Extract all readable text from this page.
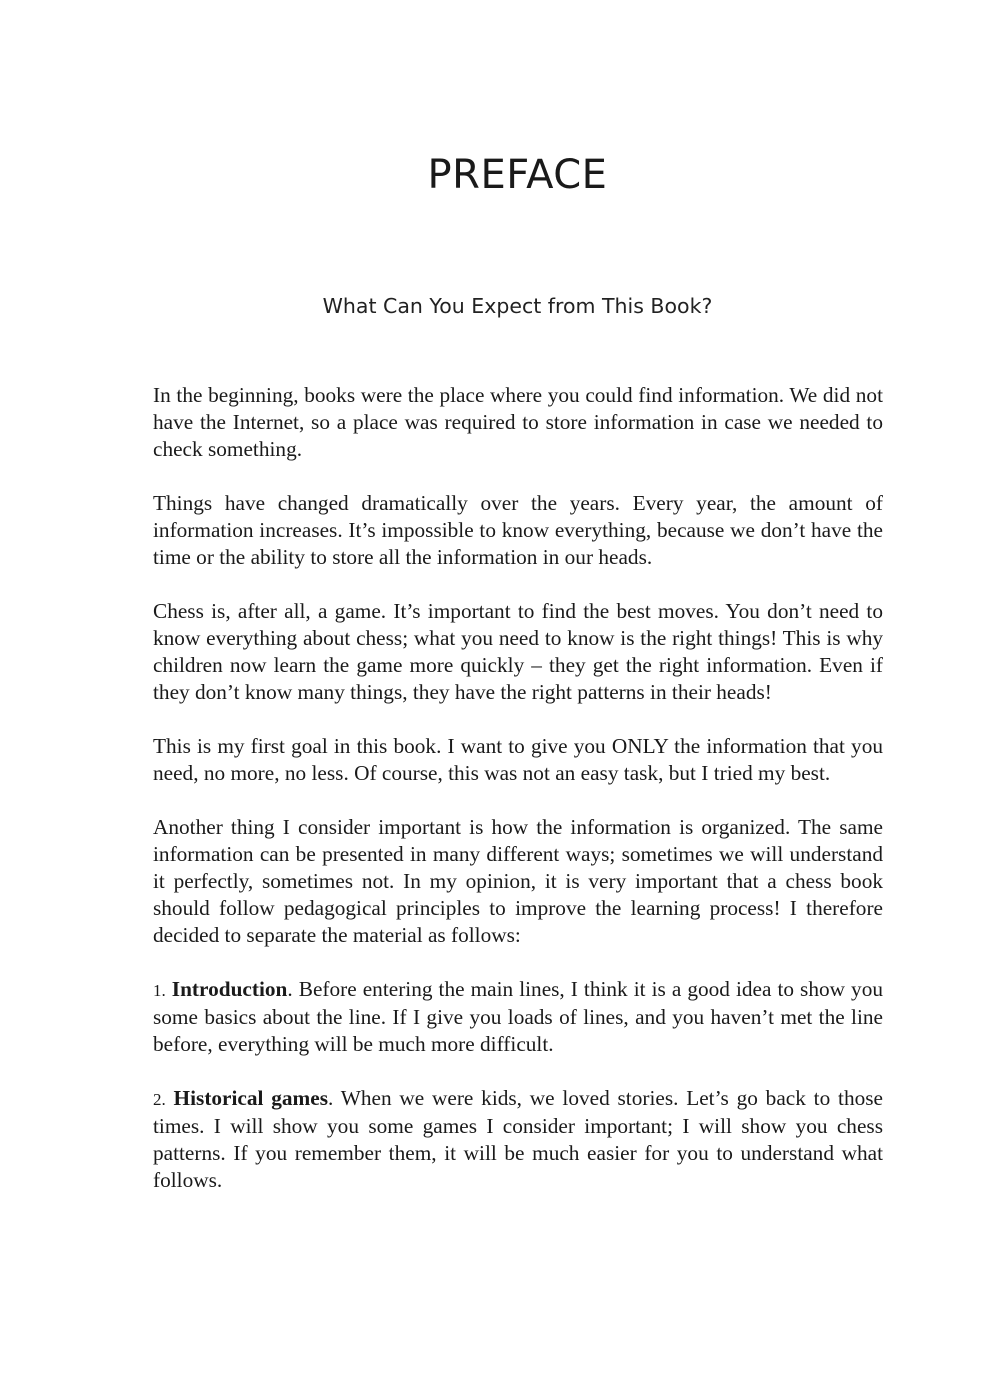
PREFACE
What Can You Expect from This Book?

In the beginning, books were the place where you could find information. We did not have the Internet, so a place was required to store information in case we needed to check something.

Things have changed dramatically over the years. Every year, the amount of information increases. It’s impossible to know everything, because we don’t have the time or the ability to store all the information in our heads.

Chess is, after all, a game. It’s important to find the best moves. You don’t need to know everything about chess; what you need to know is the right things! This is why children now learn the game more quickly – they get the right information. Even if they don’t know many things, they have the right patterns in their heads!

This is my first goal in this book. I want to give you ONLY the information that you need, no more, no less. Of course, this was not an easy task, but I tried my best.

Another thing I consider important is how the information is organized. The same information can be presented in many different ways; sometimes we will understand it perfectly, sometimes not. In my opinion, it is very important that a chess book should follow pedagogical principles to improve the learning process! I therefore decided to separate the material as follows:

1. Introduction. Before entering the main lines, I think it is a good idea to show you some basics about the line. If I give you loads of lines, and you haven’t met the line before, everything will be much more difficult.

2. Historical games. When we were kids, we loved stories. Let’s go back to those times. I will show you some games I consider important; I will show you chess patterns. If you remember them, it will be much easier for you to understand what follows.
